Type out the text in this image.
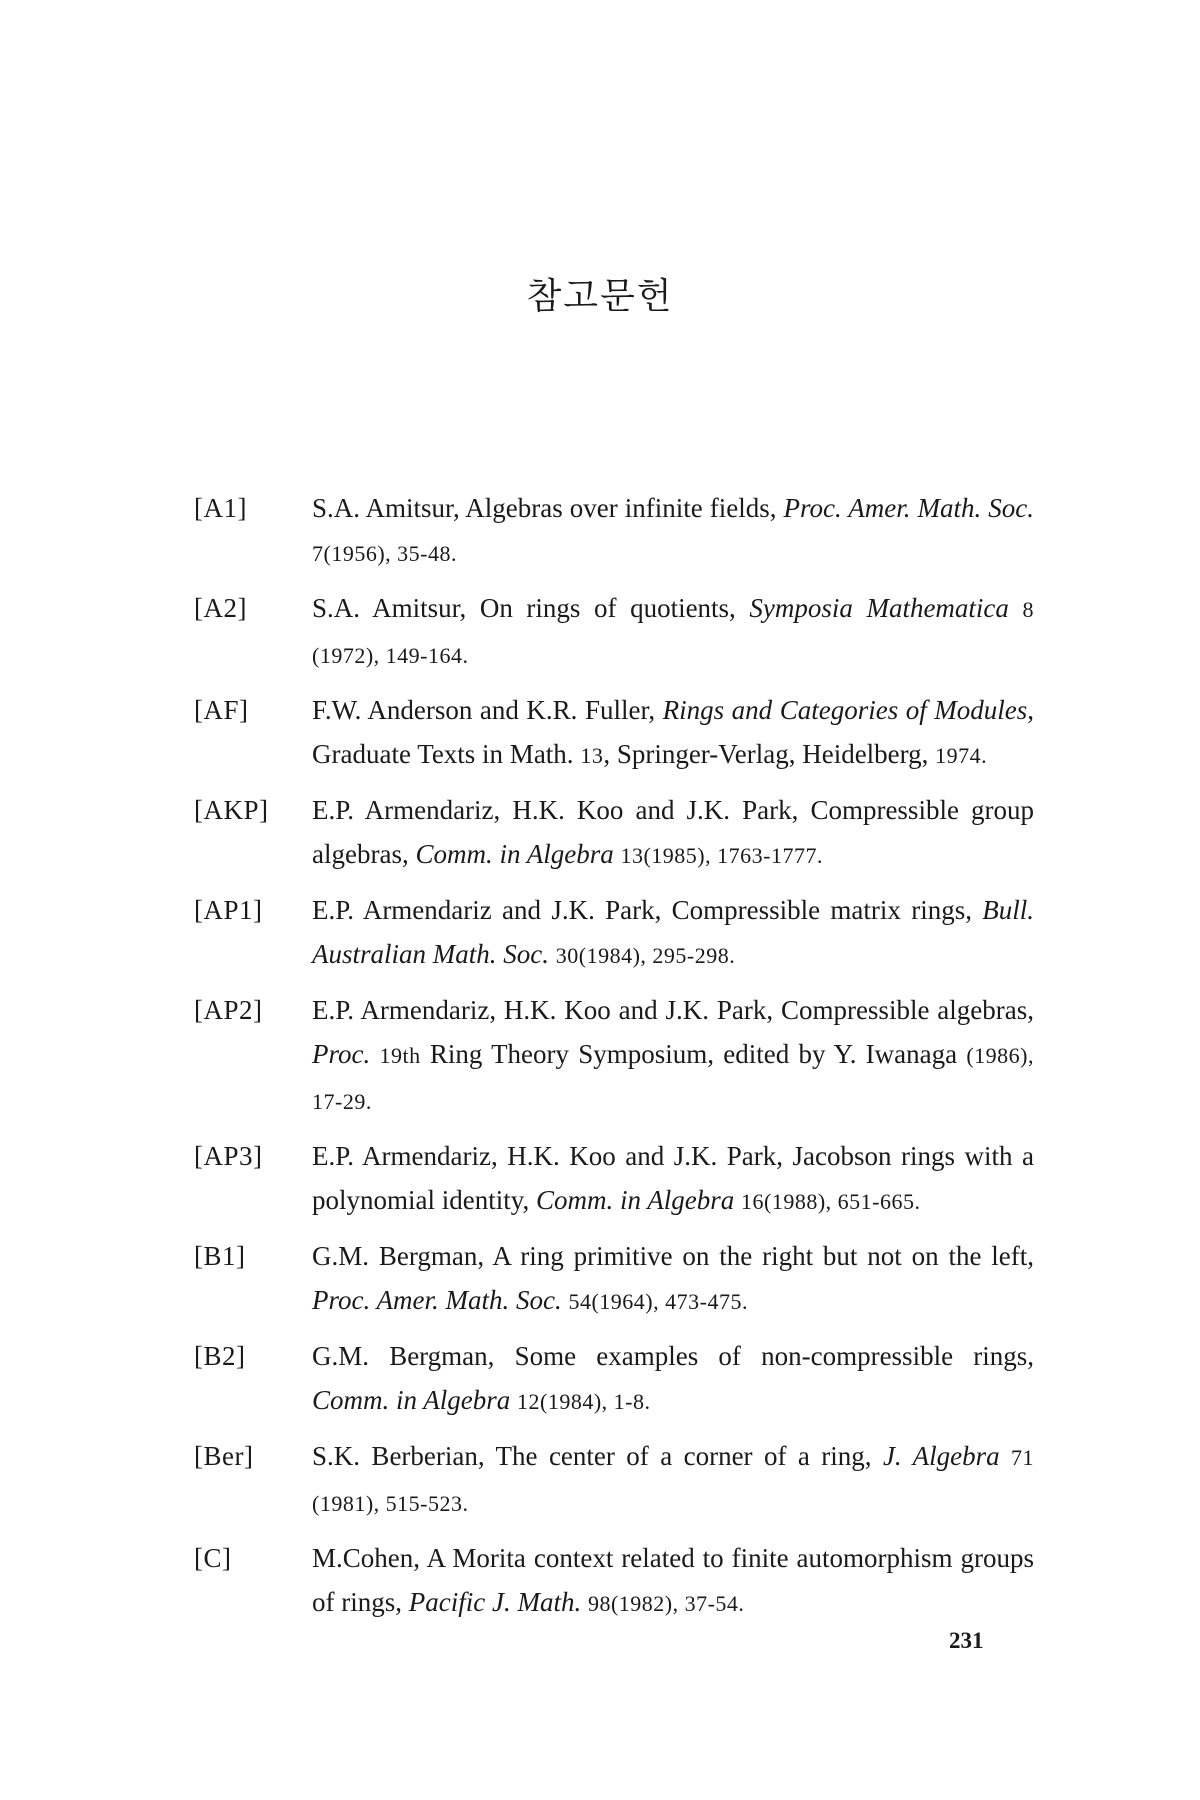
참고문헌
[A1]	S.A. Amitsur, Algebras over infinite fields, Proc. Amer. Math. Soc. 7(1956), 35-48.
[A2]	S.A. Amitsur, On rings of quotients, Symposia Mathematica 8 (1972), 149-164.
[AF]	F.W. Anderson and K.R. Fuller, Rings and Categories of Modules, Graduate Texts in Math. 13, Springer-Verlag, Heidelberg, 1974.
[AKP]	E.P. Armendariz, H.K. Koo and J.K. Park, Compressible group algebras, Comm. in Algebra 13(1985), 1763-1777.
[AP1]	E.P. Armendariz and J.K. Park, Compressible matrix rings, Bull. Australian Math. Soc. 30(1984), 295-298.
[AP2]	E.P. Armendariz, H.K. Koo and J.K. Park, Compressible algebras, Proc. 19th Ring Theory Symposium, edited by Y. Iwanaga (1986), 17-29.
[AP3]	E.P. Armendariz, H.K. Koo and J.K. Park, Jacobson rings with a polynomial identity, Comm. in Algebra 16(1988), 651-665.
[B1]	G.M. Bergman, A ring primitive on the right but not on the left, Proc. Amer. Math. Soc. 54(1964), 473-475.
[B2]	G.M. Bergman, Some examples of non-compressible rings, Comm. in Algebra 12(1984), 1-8.
[Ber]	S.K. Berberian, The center of a corner of a ring, J. Algebra 71 (1981), 515-523.
[C]	M.Cohen, A Morita context related to finite automorphism groups of rings, Pacific J. Math. 98(1982), 37-54.
231
